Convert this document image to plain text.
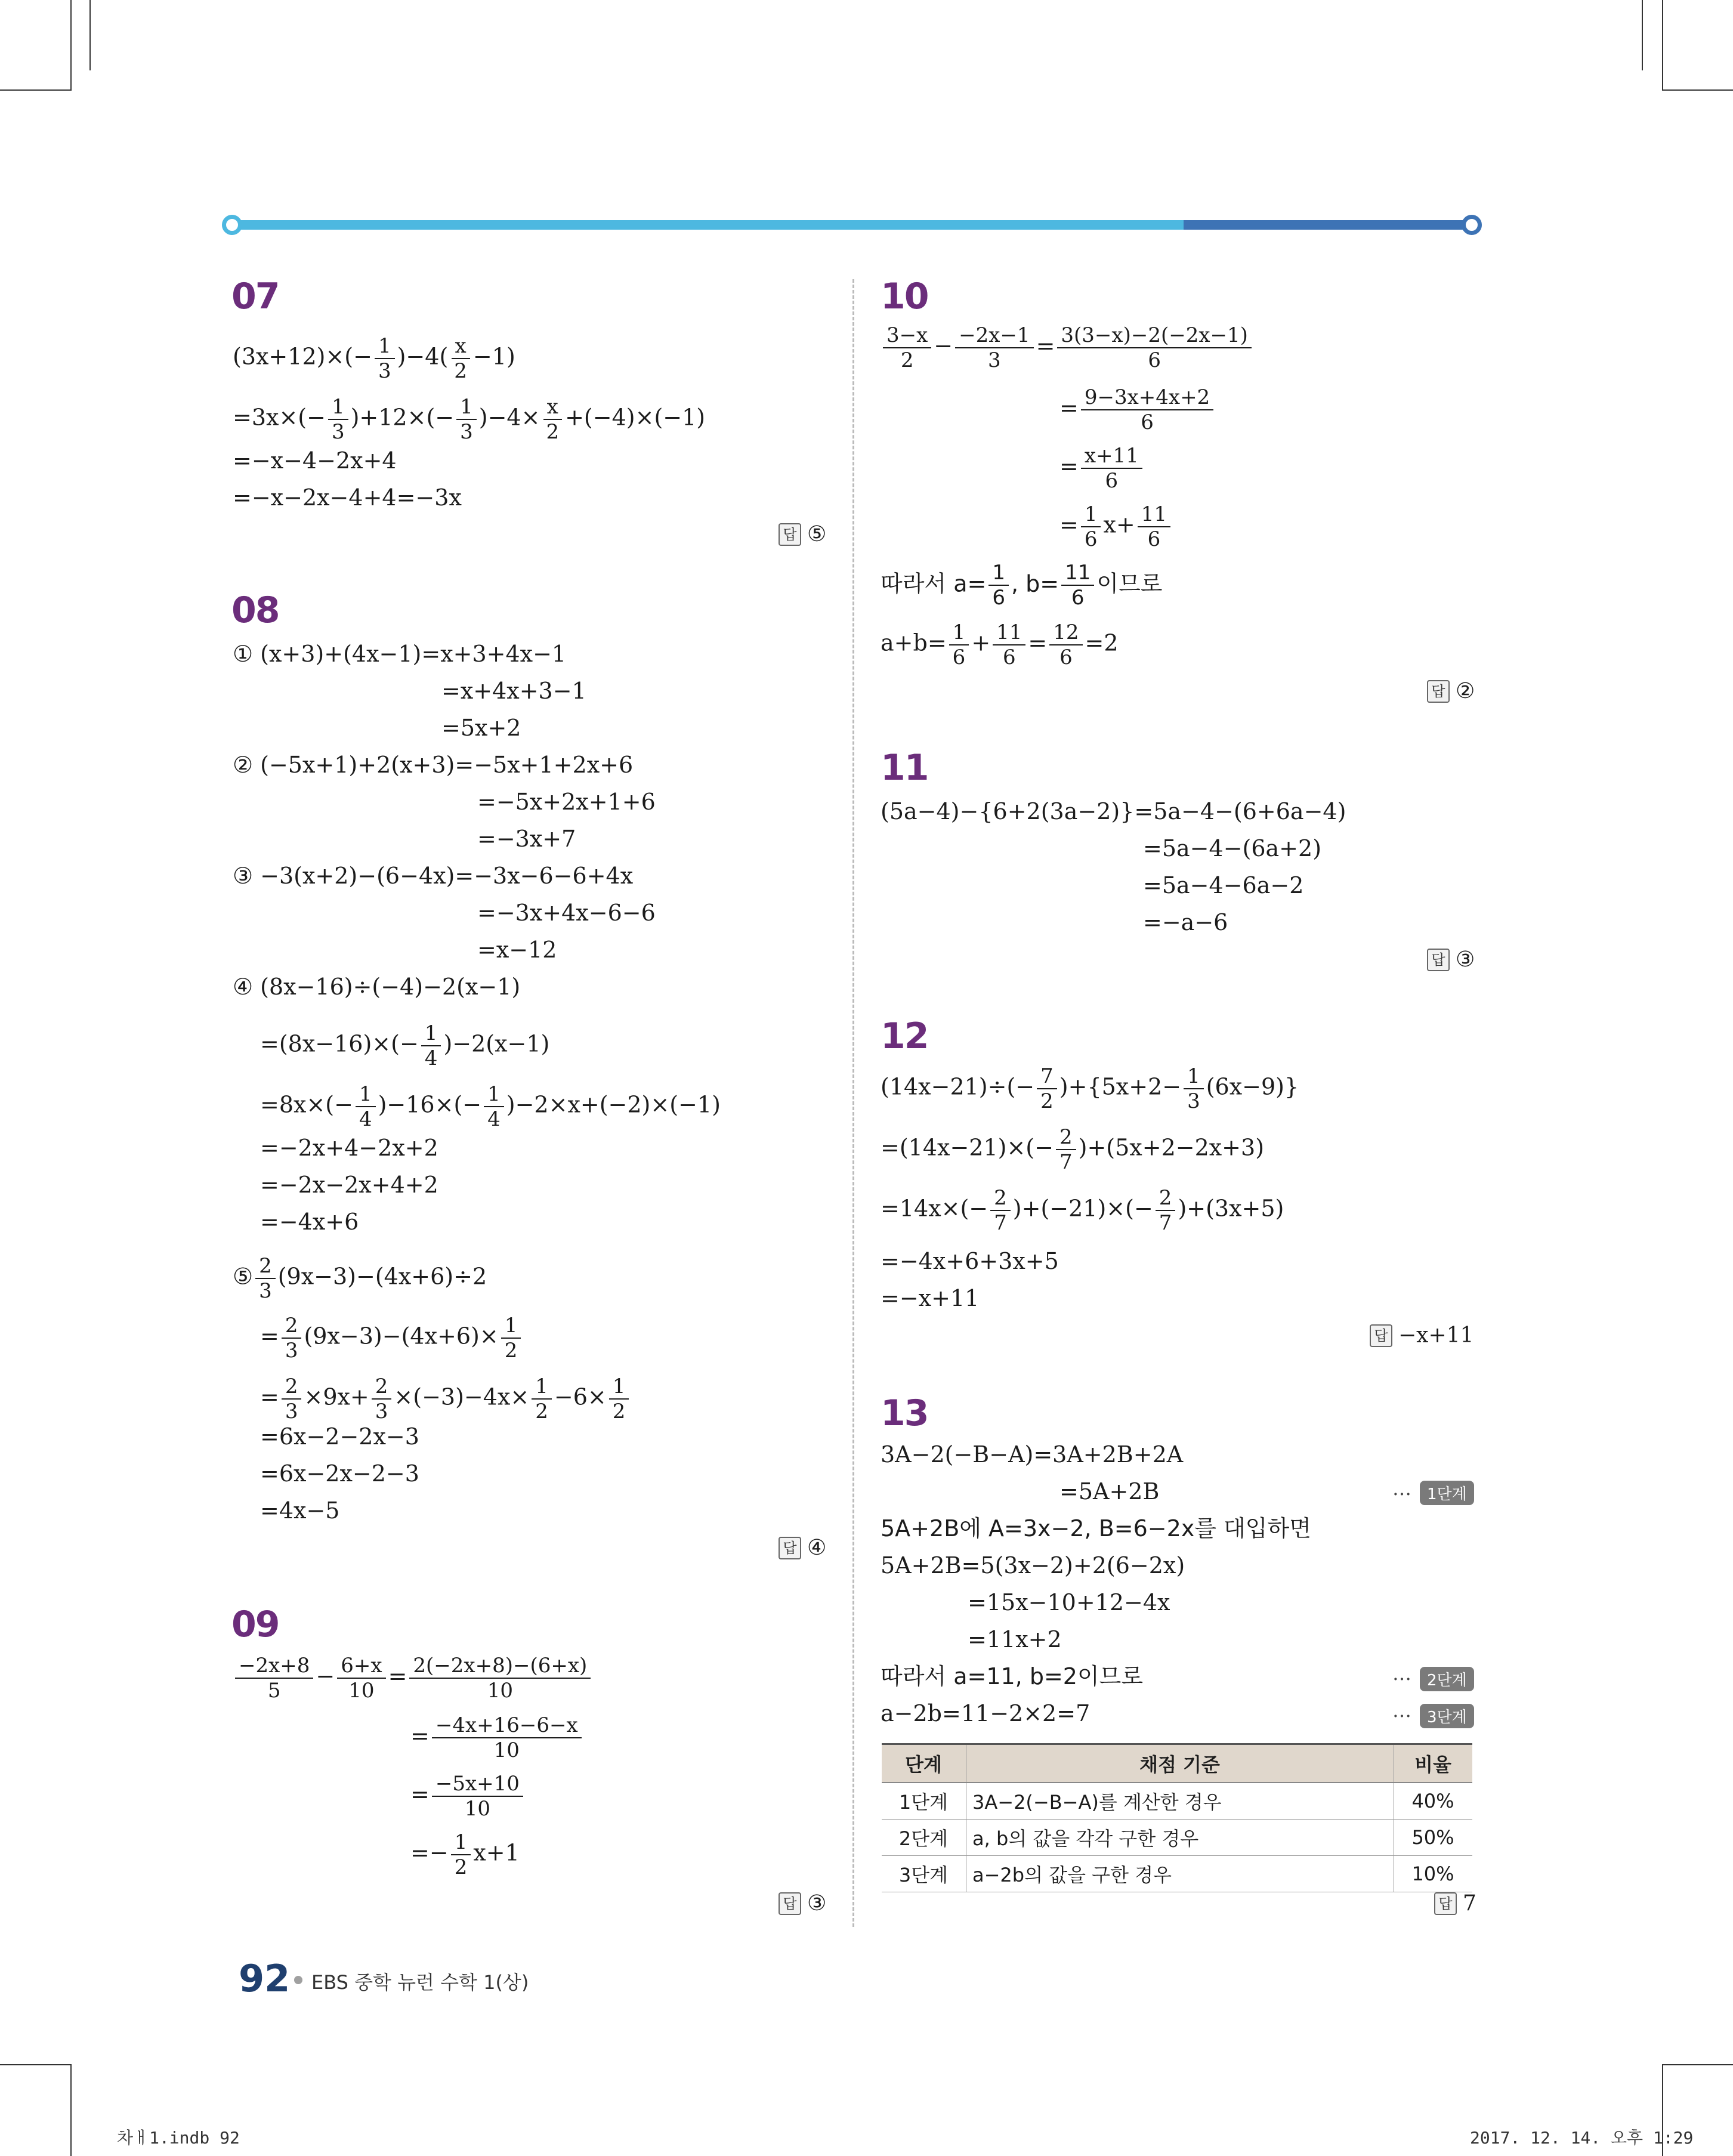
07
$(3x+12)\times(- \frac{1}{3} )-4( \frac{x}{2} -1)$
$=3x\times(- \frac{1}{3} )+12\times(- \frac{1}{3} )-4\times \frac{x}{2} +(-4)\times(-1)$
=−x−4−2x+4
=−x−2x−4+4=−3x
답 ⑤
08
① (x+3)+(4x−1)=x+3+4x−1
=x+4x+3−1
=5x+2
② (−5x+1)+2(x+3)=−5x+1+2x+6
=−5x+2x+1+6
=−3x+7
③ −3(x+2)−(6−4x)=−3x−6−6+4x
=−3x+4x−6−6
=x−12
④ (8x−16)÷(−4)−2(x−1)
$=(8x-16)\times(- \frac{1}{4} )-2(x-1)$
$=8x\times(- \frac{1}{4} )-16\times(- \frac{1}{4} )-2\times x+(-2)\times(-1)$
=−2x+4−2x+2
=−2x−2x+4+2
=−4x+6
⑤ $\frac{2}{3} (9x-3)-(4x+6)\div 2$
= $\frac{2}{3} (9x-3)-(4x+6)\times \frac{1}{2}$
= $\frac{2}{3} \times 9x+ \frac{2}{3} \times(-3)-4x\times \frac{1}{2} -6\times \frac{1}{2}$
=6x−2−2x−3
=6x−2x−2−3
=4x−5
답 ④
09
$\frac{-2x+8}{5} - \frac{6+x}{10} = \frac{2(-2x+8)-(6+x)}{10}$
= $\frac{-4x+16-6-x}{10}$
= $\frac{-5x+10}{10}$
=− $\frac{1}{2} x+1$
답 ③
10
$\frac{3-x}{2} - \frac{-2x-1}{3} = \frac{3(3-x)-2(-2x-1)}{6}$
= $\frac{9-3x+4x+2}{6}$
= $\frac{x+11}{6}$
= $\frac{1}{6} x+ \frac{11}{6}$
따라서 $a= \frac{1}{6}$ , $b= \frac{11}{6}$ 이므로
$a+b= \frac{1}{6} + \frac{11}{6} = \frac{12}{6} =2$
답 ②
11
(5a−4)−{6+2(3a−2)}=5a−4−(6+6a−4)
=5a−4−(6a+2)
=5a−4−6a−2
=−a−6
답 ③
12
$(14x-21)\div(- \frac{7}{2} )+\{5x+2- \frac{1}{3} (6x-9)\}$
$=(14x-21)\times(- \frac{2}{7} )+(5x+2-2x+3)$
$=14x\times(- \frac{2}{7} )+(-21)\times(- \frac{2}{7} )+(3x+5)$
=−4x+6+3x+5
=−x+11
답 −x+11
13
3A−2(−B−A)=3A+2B+2A
=5A+2B	…	1단계
5A+2B에 A=3x−2, B=6−2x를 대입하면
5A+2B=5(3x−2)+2(6−2x)
=15x−10+12−4x
=11x+2
따라서 a=11, b=2이므로	…	2단계
a−2b=11−2×2=7	…	3단계
단계	채점 기준	비율
1단계	3A−2(−B−A)를 계산한 경우	40%
2단계	a, b의 값을 각각 구한 경우	50%
3단계	a−2b의 값을 구한 경우	10%
답 7
92 EBS 중학 뉴런 수학 1(상)
차ㅐ1.indb 92	2017. 12. 14. 오후 1:29
